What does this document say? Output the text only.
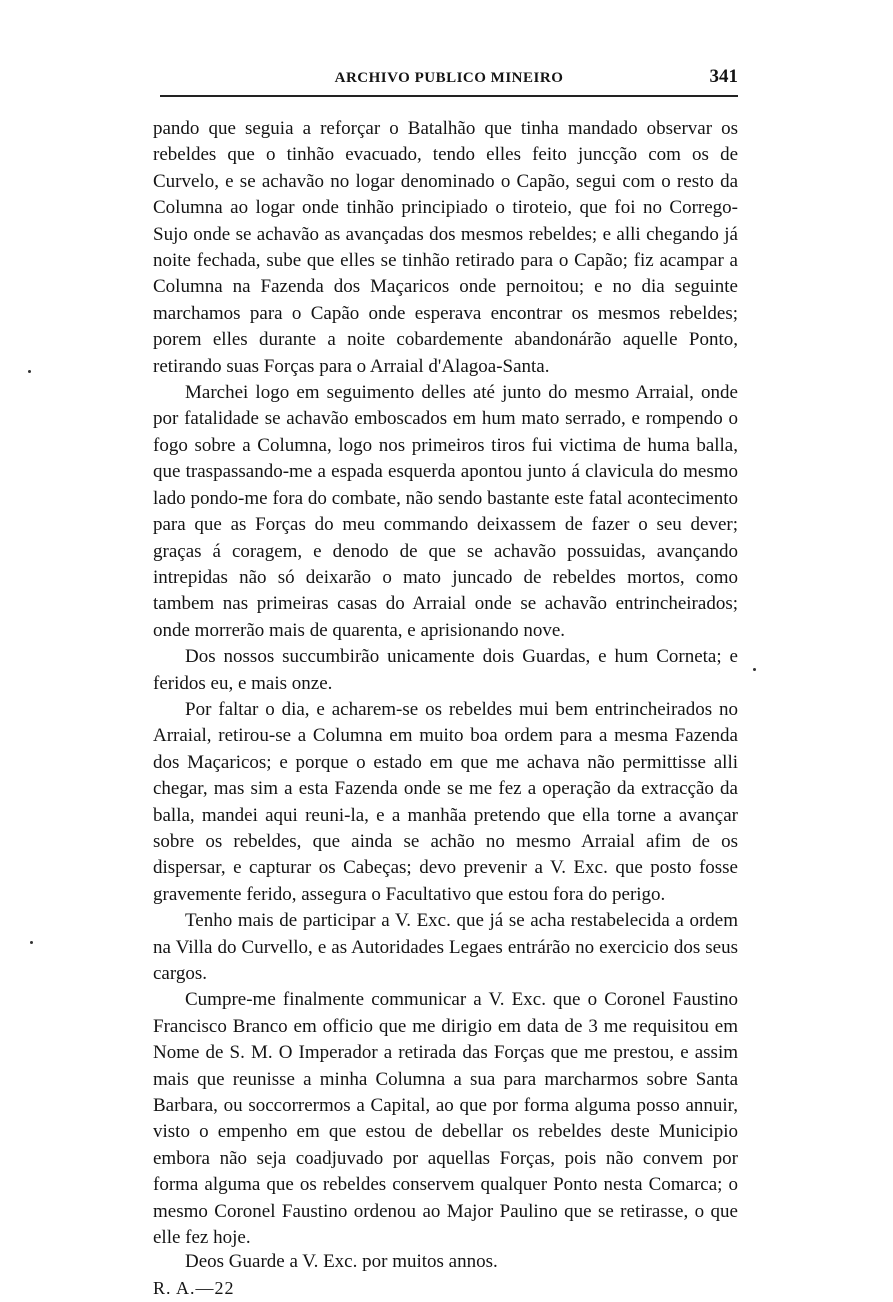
ARCHIVO PUBLICO MINEIRO	341

pando que seguia a reforçar o Batalhão que tinha mandado observar os rebeldes que o tinhão evacuado, tendo elles feito juncção com os de Curvelo, e se achavão no logar denominado o Capão, segui com o resto da Columna ao logar onde tinhão principiado o tiroteio, que foi no Corrego-Sujo onde se achavão as avançadas dos mesmos rebeldes; e alli chegando já noite fechada, sube que elles se tinhão retirado para o Capão; fiz acampar a Columna na Fazenda dos Maçaricos onde pernoitou; e no dia seguinte marchamos para o Capão onde esperava encontrar os mesmos rebeldes; porem elles durante a noite cobardemente abandonárão aquelle Ponto, retirando suas Forças para o Arraial d'Alagoa-Santa.

Marchei logo em seguimento delles até junto do mesmo Arraial, onde por fatalidade se achavão emboscados em hum mato serrado, e rompendo o fogo sobre a Columna, logo nos primeiros tiros fui victima de huma balla, que traspassando-me a espada esquerda apontou junto á clavicula do mesmo lado pondo-me fora do combate, não sendo bastante este fatal acontecimento para que as Forças do meu commando deixassem de fazer o seu dever; graças á coragem, e denodo de que se achavão possuidas, avançando intrepidas não só deixarão o mato juncado de rebeldes mortos, como tambem nas primeiras casas do Arraial onde se achavão entrincheirados; onde morrerão mais de quarenta, e aprisionando nove.

Dos nossos succumbirão unicamente dois Guardas, e hum Corneta; e feridos eu, e mais onze.

Por faltar o dia, e acharem-se os rebeldes mui bem entrincheirados no Arraial, retirou-se a Columna em muito boa ordem para a mesma Fazenda dos Maçaricos; e porque o estado em que me achava não permittisse alli chegar, mas sim a esta Fazenda onde se me fez a operação da extracção da balla, mandei aqui reuni-la, e a manhãa pretendo que ella torne a avançar sobre os rebeldes, que ainda se achão no mesmo Arraial afim de os dispersar, e capturar os Cabeças; devo prevenir a V. Exc. que posto fosse gravemente ferido, assegura o Facultativo que estou fora do perigo.

Tenho mais de participar a V. Exc. que já se acha restabelecida a ordem na Villa do Curvello, e as Autoridades Legaes entrárão no exercicio dos seus cargos.

Cumpre-me finalmente communicar a V. Exc. que o Coronel Faustino Francisco Branco em officio que me dirigio em data de 3 me requisitou em Nome de S. M. O Imperador a retirada das Forças que me prestou, e assim mais que reunisse a minha Columna a sua para marcharmos sobre Santa Barbara, ou soccorrermos a Capital, ao que por forma alguma posso annuir, visto o empenho em que estou de debellar os rebeldes deste Municipio embora não seja coadjuvado por aquellas Forças, pois não convem por forma alguma que os rebeldes conservem qualquer Ponto nesta Comarca; o mesmo Coronel Faustino ordenou ao Major Paulino que se retirasse, o que elle fez hoje.

Deos Guarde a V. Exc. por muitos annos.

R. A.—22
